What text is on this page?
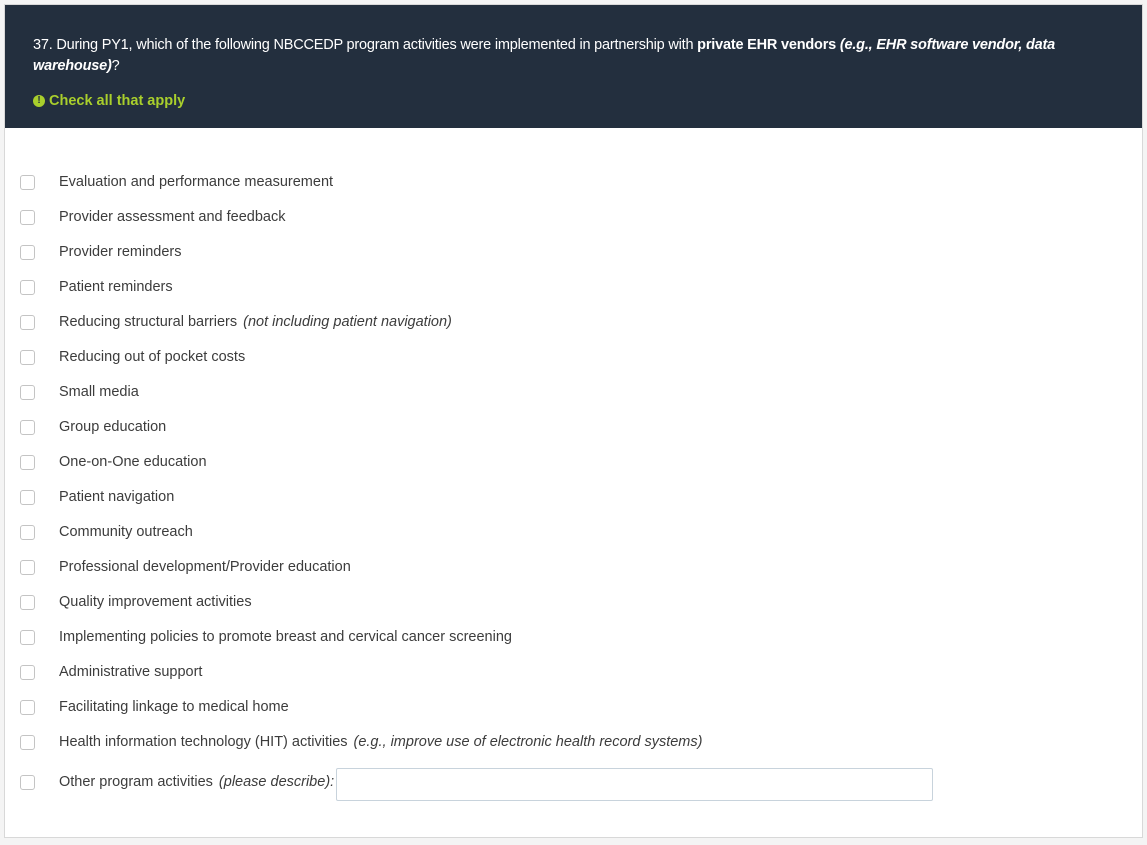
37. During PY1, which of the following NBCCEDP program activities were implemented in partnership with private EHR vendors (e.g., EHR software vendor, data warehouse)?
! Check all that apply
Evaluation and performance measurement
Provider assessment and feedback
Provider reminders
Patient reminders
Reducing structural barriers (not including patient navigation)
Reducing out of pocket costs
Small media
Group education
One-on-One education
Patient navigation
Community outreach
Professional development/Provider education
Quality improvement activities
Implementing policies to promote breast and cervical cancer screening
Administrative support
Facilitating linkage to medical home
Health information technology (HIT) activities (e.g., improve use of electronic health record systems)
Other program activities (please describe):
